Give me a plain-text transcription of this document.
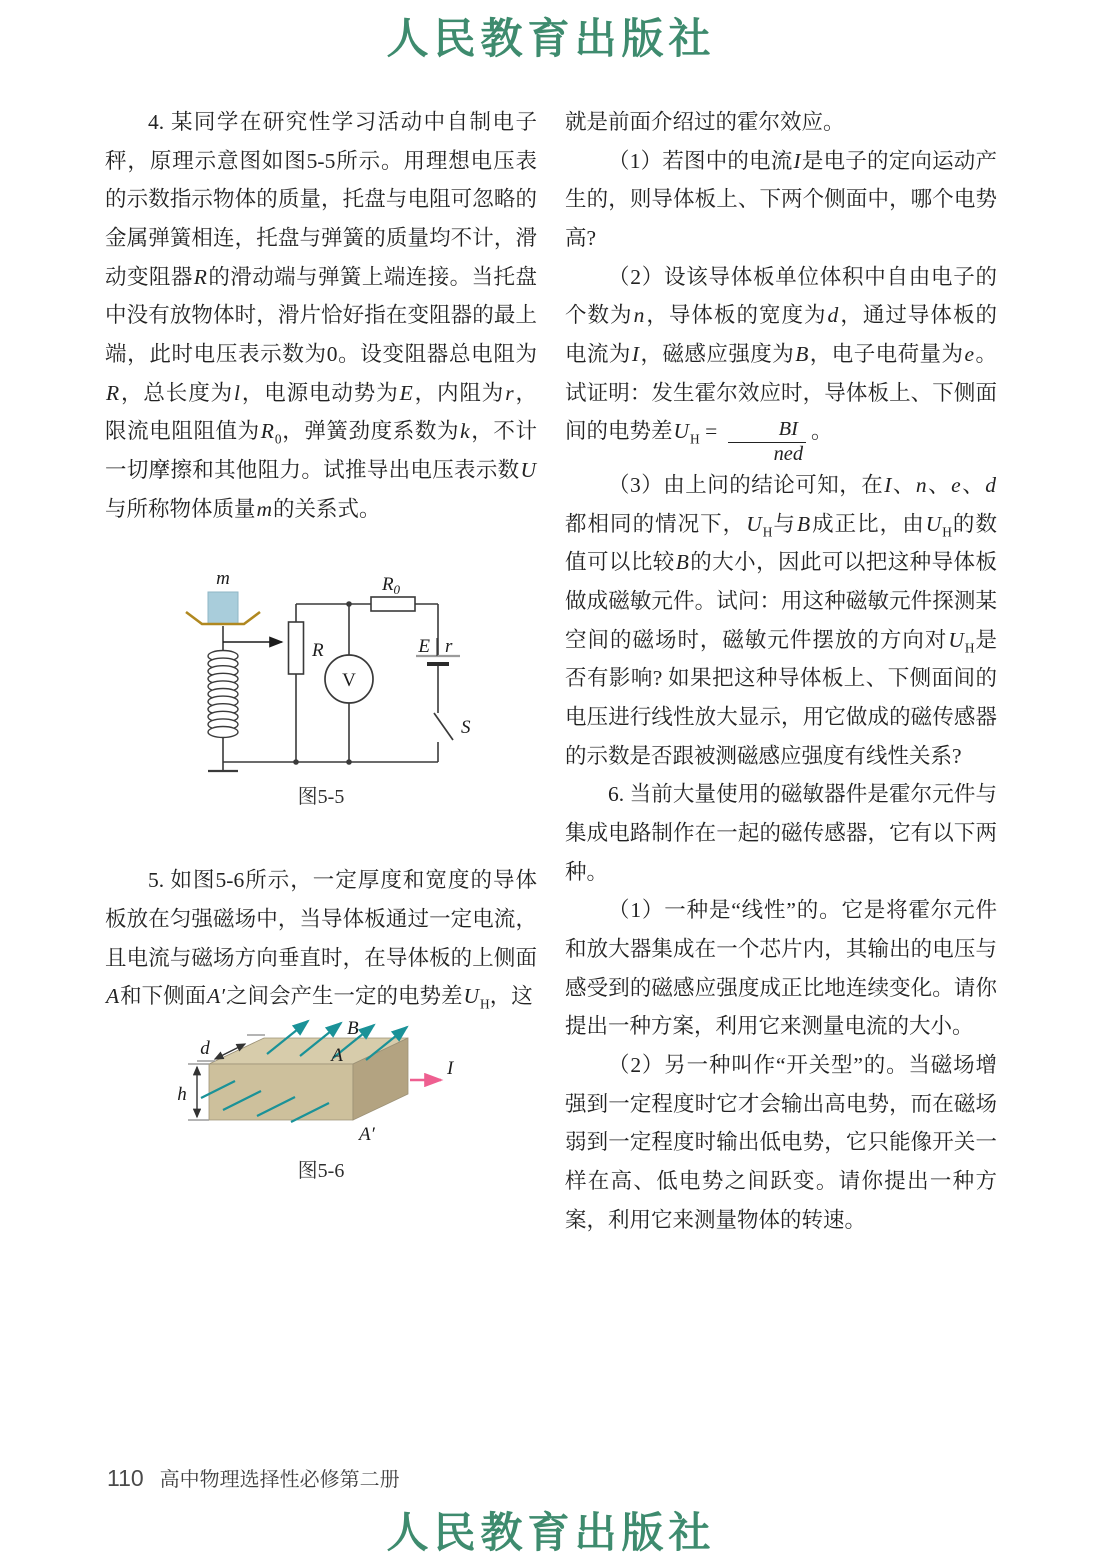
人民教育出版社

4. 某同学在研究性学习活动中自制电子秤，原理示意图如图5-5所示。用理想电压表的示数指示物体的质量，托盘与电阻可忽略的金属弹簧相连，托盘与弹簧的质量均不计，滑动变阻器R的滑动端与弹簧上端连接。当托盘中没有放物体时，滑片恰好指在变阻器的最上端，此时电压表示数为0。设变阻器总电阻为R，总长度为l，电源电动势为E，内阻为r，限流电阻阻值为$R_0$，弹簧劲度系数为k，不计一切摩擦和其他阻力。试推导出电压表示数U与所称物体质量m的关系式。

m
R
V
$R_0$
E r
S
图5-5

5. 如图5-6所示，一定厚度和宽度的导体板放在匀强磁场中，当导体板通过一定电流，且电流与磁场方向垂直时，在导体板的上侧面A和下侧面A′之间会产生一定的电势差$U_H$，这

B
A
A′
I
d
h
图5-6

就是前面介绍过的霍尔效应。

（1）若图中的电流I是电子的定向运动产生的，则导体板上、下两个侧面中，哪个电势高?

（2）设该导体板单位体积中自由电子的个数为n，导体板的宽度为d，通过导体板的电流为I，磁感应强度为B，电子电荷量为e。试证明：发生霍尔效应时，导体板上、下侧面间的电势差$U_H = \frac{BI}{\text{ned}}$ 。

（3）由上问的结论可知，在I、n、e、d都相同的情况下，$U_H$与B成正比，由$U_H$的数值可以比较B的大小，因此可以把这种导体板做成磁敏元件。试问：用这种磁敏元件探测某空间的磁场时，磁敏元件摆放的方向对$U_H$是否有影响? 如果把这种导体板上、下侧面间的电压进行线性放大显示，用它做成的磁传感器的示数是否跟被测磁感应强度有线性关系?

6. 当前大量使用的磁敏器件是霍尔元件与集成电路制作在一起的磁传感器，它有以下两种。

（1）一种是“线性”的。它是将霍尔元件和放大器集成在一个芯片内，其输出的电压与感受到的磁感应强度成正比地连续变化。请你提出一种方案，利用它来测量电流的大小。

（2）另一种叫作“开关型”的。当磁场增强到一定程度时它才会输出高电势，而在磁场弱到一定程度时输出低电势，它只能像开关一样在高、低电势之间跃变。请你提出一种方案，利用它来测量物体的转速。

110 高中物理选择性必修第二册
人民教育出版社
